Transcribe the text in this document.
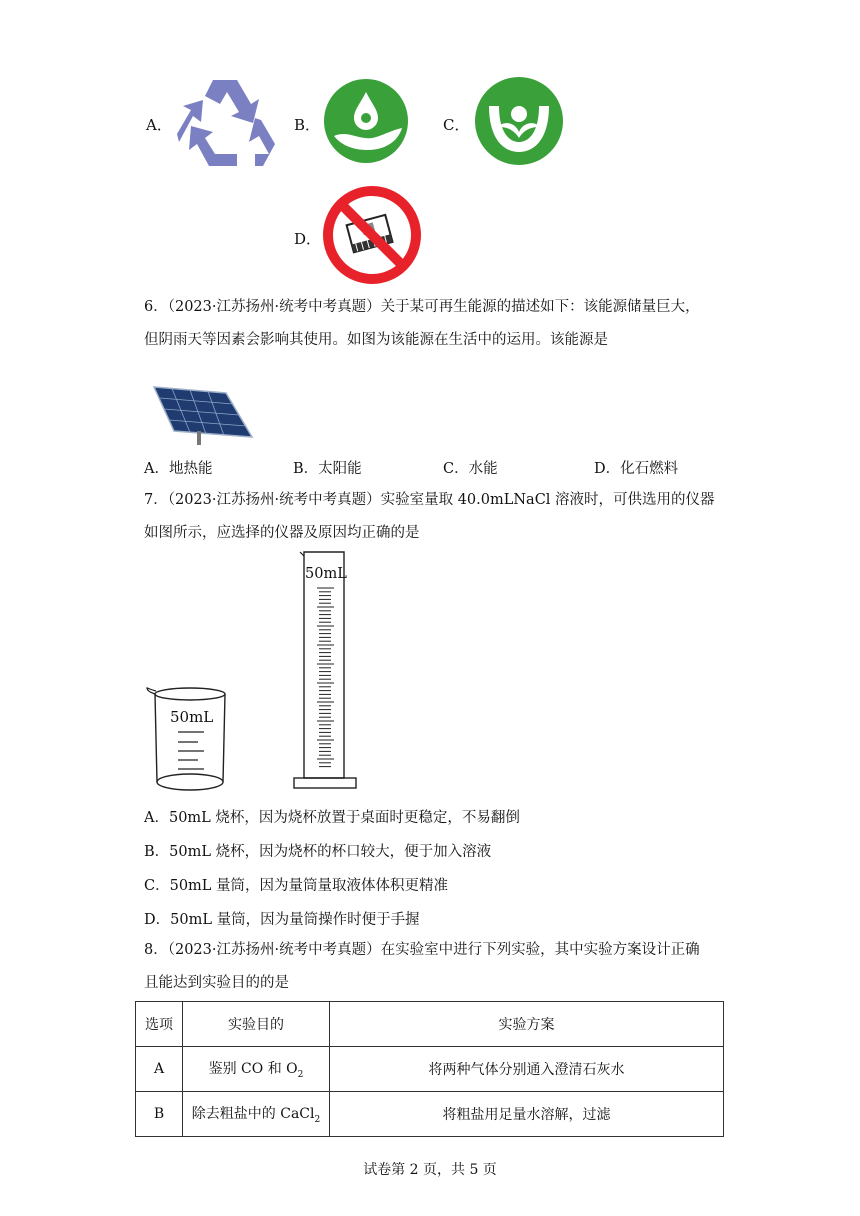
A．	B．	C．
D．
6．（2023·江苏扬州·统考中考真题）关于某可再生能源的描述如下：该能源储量巨大，
但阴雨天等因素会影响其使用。如图为该能源在生活中的运用。该能源是
A．地热能	B．太阳能	C．水能	D．化石燃料
7．（2023·江苏扬州·统考中考真题）实验室量取 40.0mLNaCl 溶液时，可供选用的仪器
如图所示，应选择的仪器及原因均正确的是
50mL
50mL
A．50mL 烧杯，因为烧杯放置于桌面时更稳定，不易翻倒
B．50mL 烧杯，因为烧杯的杯口较大，便于加入溶液
C．50mL 量筒，因为量筒量取液体体积更精准
D．50mL 量筒，因为量筒操作时便于手握
8．（2023·江苏扬州·统考中考真题）在实验室中进行下列实验，其中实验方案设计正确
且能达到实验目的的是
选项	实验目的	实验方案
A	鉴别 CO 和 $O_2$	将两种气体分别通入澄清石灰水
B	除去粗盐中的 CaCl$_2$	将粗盐用足量水溶解，过滤
试卷第 2 页，共 5 页
